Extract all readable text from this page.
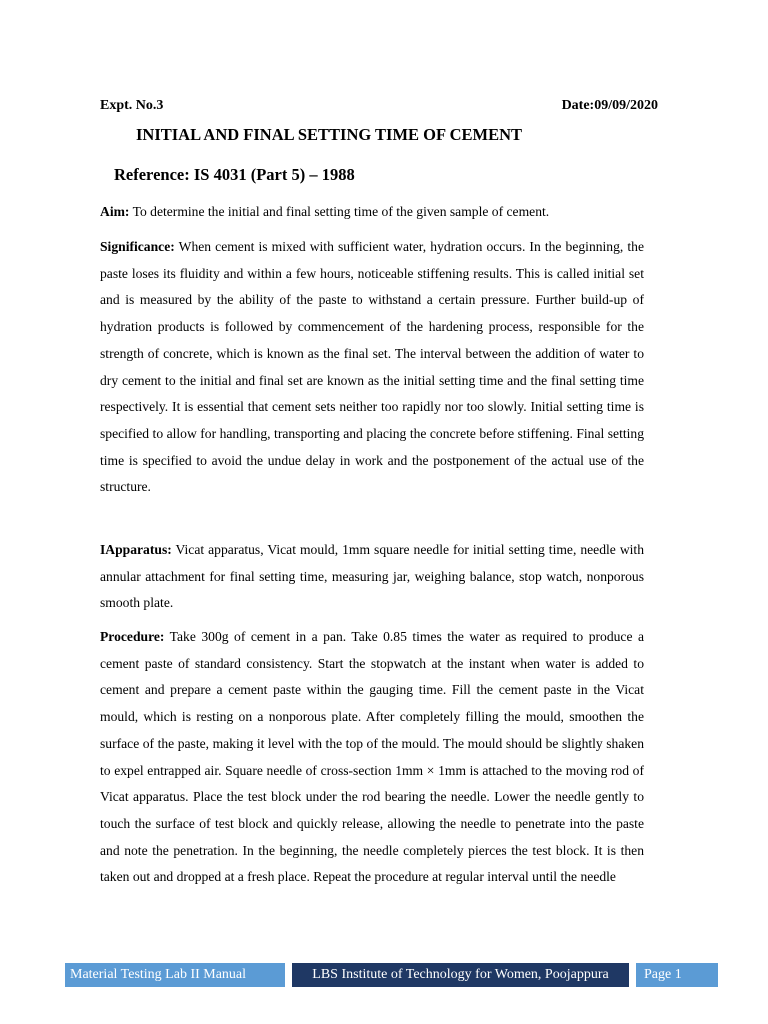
Expt. No.3	Date:09/09/2020
INITIAL AND FINAL SETTING TIME OF CEMENT
Reference: IS 4031 (Part 5) – 1988
Aim: To determine the initial and final setting time of the given sample of cement.
Significance: When cement is mixed with sufficient water, hydration occurs. In the beginning, the paste loses its fluidity and within a few hours, noticeable stiffening results. This is called initial set and is measured by the ability of the paste to withstand a certain pressure. Further build-up of hydration products is followed by commencement of the hardening process, responsible for the strength of concrete, which is known as the final set. The interval between the addition of water to dry cement to the initial and final set are known as the initial setting time and the final setting time respectively. It is essential that cement sets neither too rapidly nor too slowly. Initial setting time is specified to allow for handling, transporting and placing the concrete before stiffening. Final setting time is specified to avoid the undue delay in work and the postponement of the actual use of the structure.
IApparatus: Vicat apparatus, Vicat mould, 1mm square needle for initial setting time, needle with annular attachment for final setting time, measuring jar, weighing balance, stop watch, nonporous smooth plate.
Procedure: Take 300g of cement in a pan. Take 0.85 times the water as required to produce a cement paste of standard consistency. Start the stopwatch at the instant when water is added to cement and prepare a cement paste within the gauging time. Fill the cement paste in the Vicat mould, which is resting on a nonporous plate. After completely filling the mould, smoothen the surface of the paste, making it level with the top of the mould. The mould should be slightly shaken to expel entrapped air. Square needle of cross-section 1mm × 1mm is attached to the moving rod of Vicat apparatus. Place the test block under the rod bearing the needle. Lower the needle gently to touch the surface of test block and quickly release, allowing the needle to penetrate into the paste and note the penetration. In the beginning, the needle completely pierces the test block. It is then taken out and dropped at a fresh place. Repeat the procedure at regular interval until the needle
Material Testing Lab II Manual	LBS Institute of Technology for Women, Poojappura	Page 1
